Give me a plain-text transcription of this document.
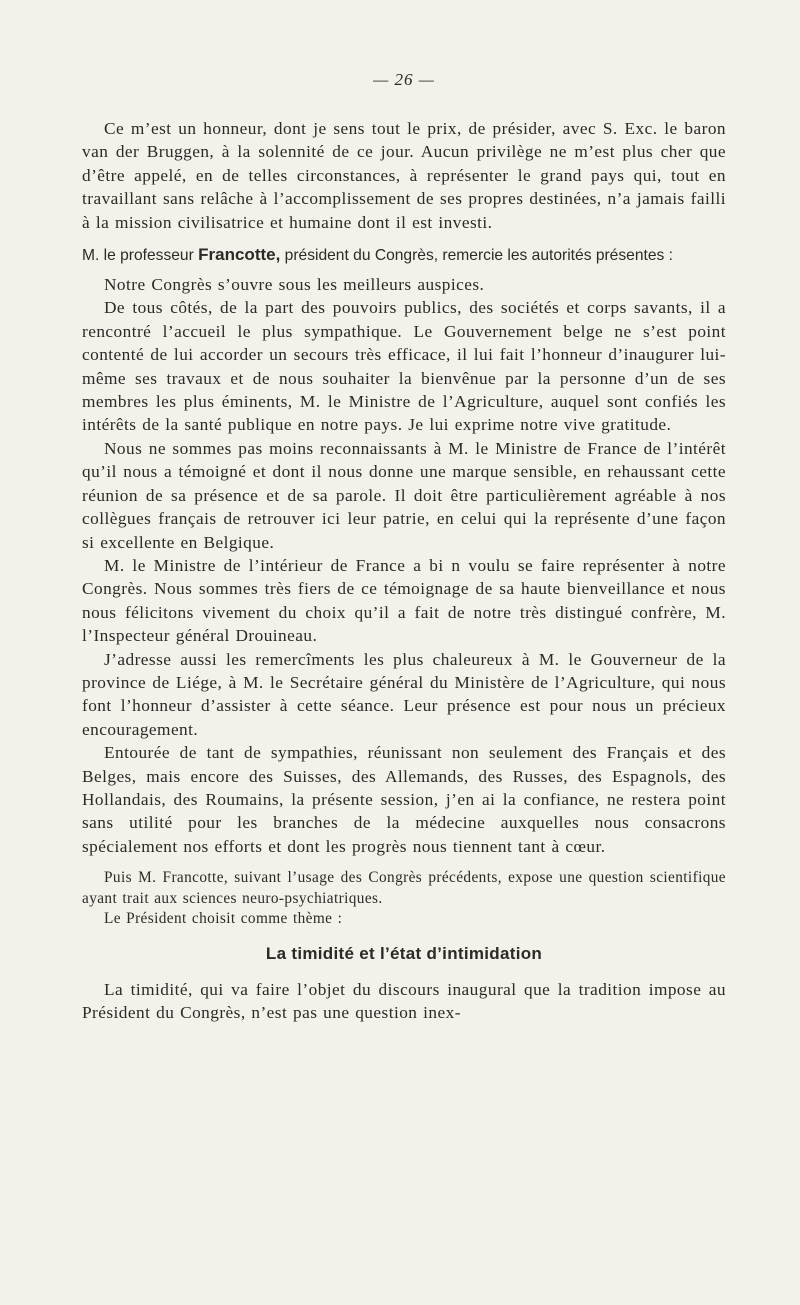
— 26 —

Ce m’est un honneur, dont je sens tout le prix, de présider, avec S. Exc. le baron van der Bruggen, à la solennité de ce jour. Aucun privilège ne m’est plus cher que d’être appelé, en de telles circonstances, à représenter le grand pays qui, tout en travaillant sans relâche à l’accomplissement de ses propres destinées, n’a jamais failli à la mission civilisatrice et humaine dont il est investi.

M. le professeur Francotte, président du Congrès, remercie les autorités présentes :

Notre Congrès s’ouvre sous les meilleurs auspices.

De tous côtés, de la part des pouvoirs publics, des sociétés et corps savants, il a rencontré l’accueil le plus sympathique. Le Gouvernement belge ne s’est point contenté de lui accorder un secours très efficace, il lui fait l’honneur d’inaugurer lui-même ses travaux et de nous souhaiter la bienvênue par la personne d’un de ses membres les plus éminents, M. le Ministre de l’Agriculture, auquel sont confiés les intérêts de la santé publique en notre pays. Je lui exprime notre vive gratitude.

Nous ne sommes pas moins reconnaissants à M. le Ministre de France de l’intérêt qu’il nous a témoigné et dont il nous donne une marque sensible, en rehaussant cette réunion de sa présence et de sa parole. Il doit être particulièrement agréable à nos collègues français de retrouver ici leur patrie, en celui qui la représente d’une façon si excellente en Belgique.

M. le Ministre de l’intérieur de France a bi n voulu se faire représenter à notre Congrès. Nous sommes très fiers de ce témoignage de sa haute bienveillance et nous nous félicitons vivement du choix qu’il a fait de notre très distingué confrère, M. l’Inspecteur général Drouineau.

J’adresse aussi les remercîments les plus chaleureux à M. le Gouverneur de la province de Liége, à M. le Secrétaire général du Ministère de l’Agriculture, qui nous font l’honneur d’assister à cette séance. Leur présence est pour nous un précieux encouragement.

Entourée de tant de sympathies, réunissant non seulement des Français et des Belges, mais encore des Suisses, des Allemands, des Russes, des Espagnols, des Hollandais, des Roumains, la présente session, j’en ai la confiance, ne restera point sans utilité pour les branches de la médecine auxquelles nous consacrons spécialement nos efforts et dont les progrès nous tiennent tant à cœur.

Puis M. Francotte, suivant l’usage des Congrès précédents, expose une question scientifique ayant trait aux sciences neuro-psychiatriques.

Le Président choisit comme thème :

La timidité et l’état d’intimidation

La timidité, qui va faire l’objet du discours inaugural que la tradition impose au Président du Congrès, n’est pas une question inex-
